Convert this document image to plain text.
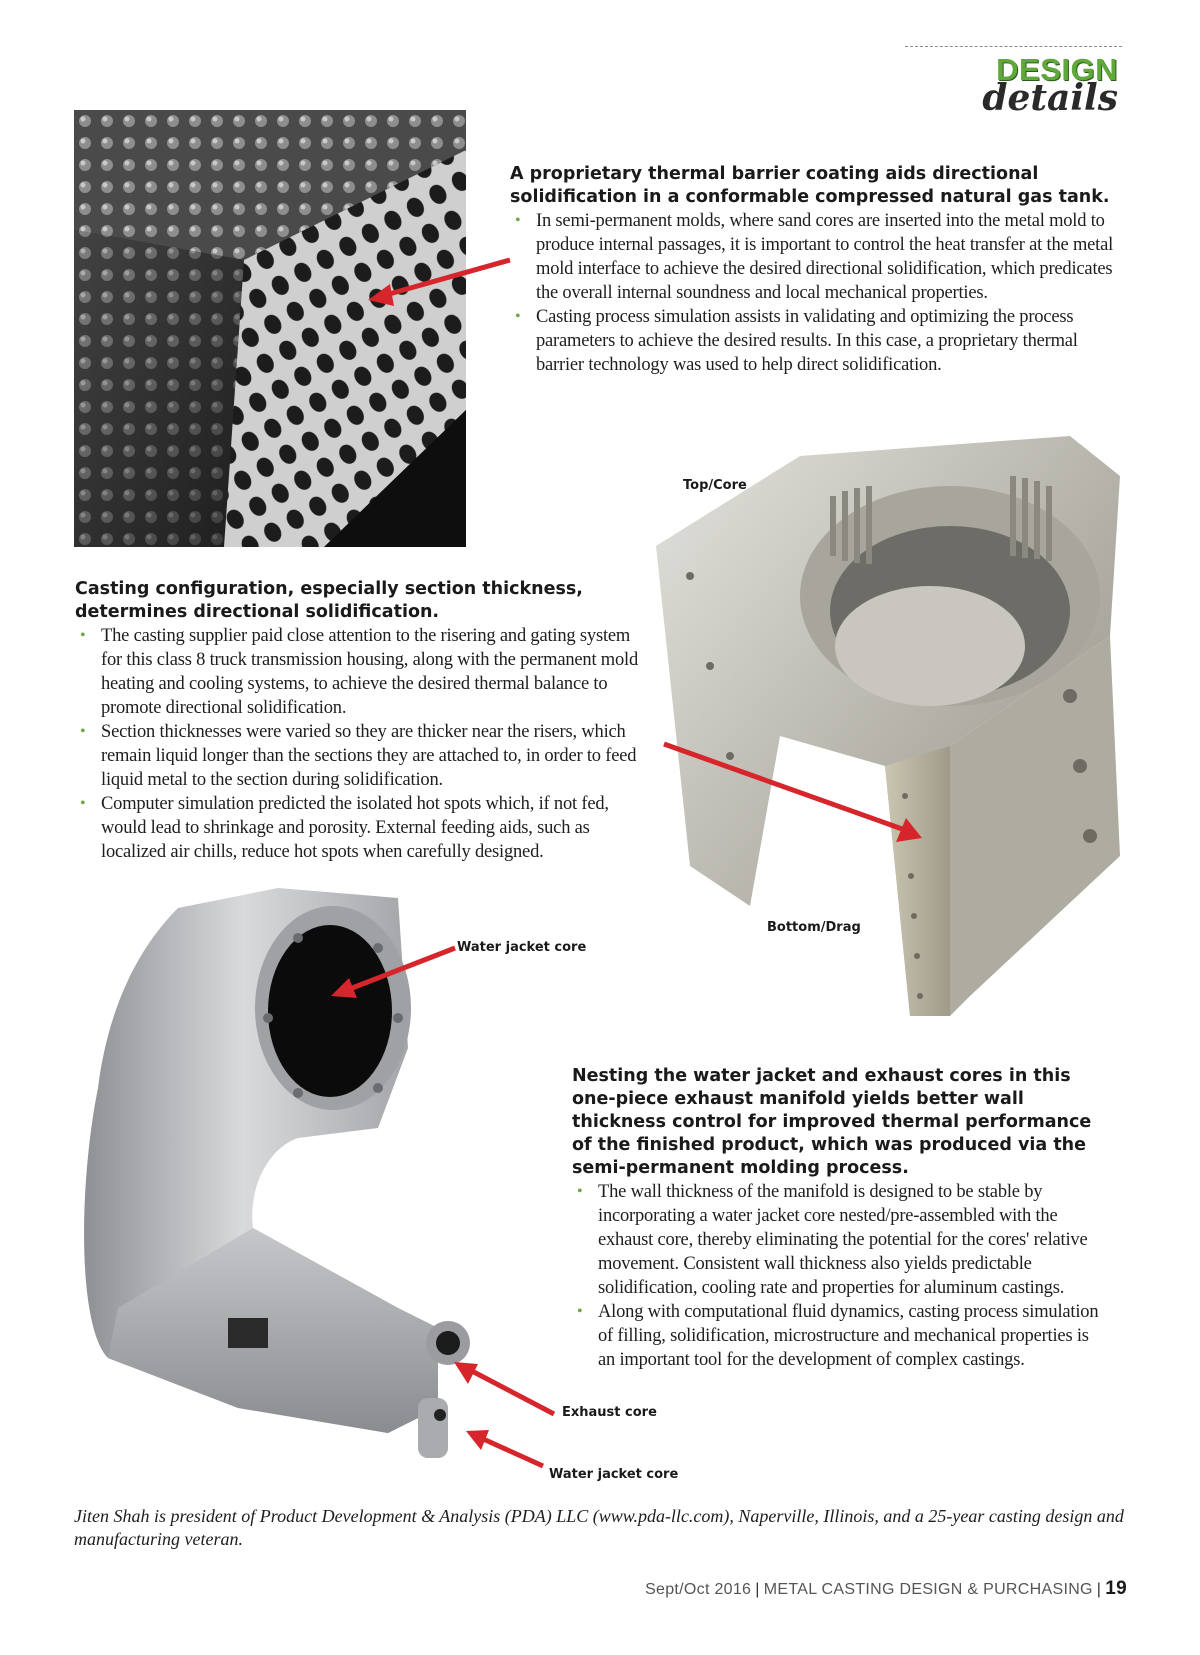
DESIGN
details

A proprietary thermal barrier coating aids directional solidification in a conformable compressed natural gas tank.

• In semi-permanent molds, where sand cores are inserted into the metal mold to produce internal passages, it is important to control the heat transfer at the metal mold interface to achieve the desired directional solidification, which predicates the overall internal soundness and local mechanical properties.
• Casting process simulation assists in validating and optimizing the process parameters to achieve the desired results. In this case, a proprietary thermal barrier technology was used to help direct solidification.
Top/Core
Bottom/Drag

Casting configuration, especially section thickness, determines directional solidification.

• The casting supplier paid close attention to the risering and gating system for this class 8 truck transmission housing, along with the permanent mold heating and cooling systems, to achieve the desired thermal balance to promote directional solidification.
• Section thicknesses were varied so they are thicker near the risers, which remain liquid longer than the sections they are attached to, in order to feed liquid metal to the section during solidification.
• Computer simulation predicted the isolated hot spots which, if not fed, would lead to shrinkage and porosity. External feeding aids, such as localized air chills, reduce hot spots when carefully designed.
Water jacket core
Exhaust core
Water jacket core

Nesting the water jacket and exhaust cores in this one-piece exhaust manifold yields better wall thickness control for improved thermal performance of the finished product, which was produced via the semi-permanent molding process.

• The wall thickness of the manifold is designed to be stable by incorporating a water jacket core nested/pre-assembled with the exhaust core, thereby eliminating the potential for the cores' relative movement. Consistent wall thickness also yields predictable solidification, cooling rate and properties for aluminum castings.
• Along with computational fluid dynamics, casting process simulation of filling, solidification, microstructure and mechanical properties is an important tool for the development of complex castings.
Jiten Shah is president of Product Development & Analysis (PDA) LLC (www.pda-llc.com), Naperville, Illinois, and a 25-year casting design and manufacturing veteran.
Sept/Oct 2016 | METAL CASTING DESIGN & PURCHASING | 19
